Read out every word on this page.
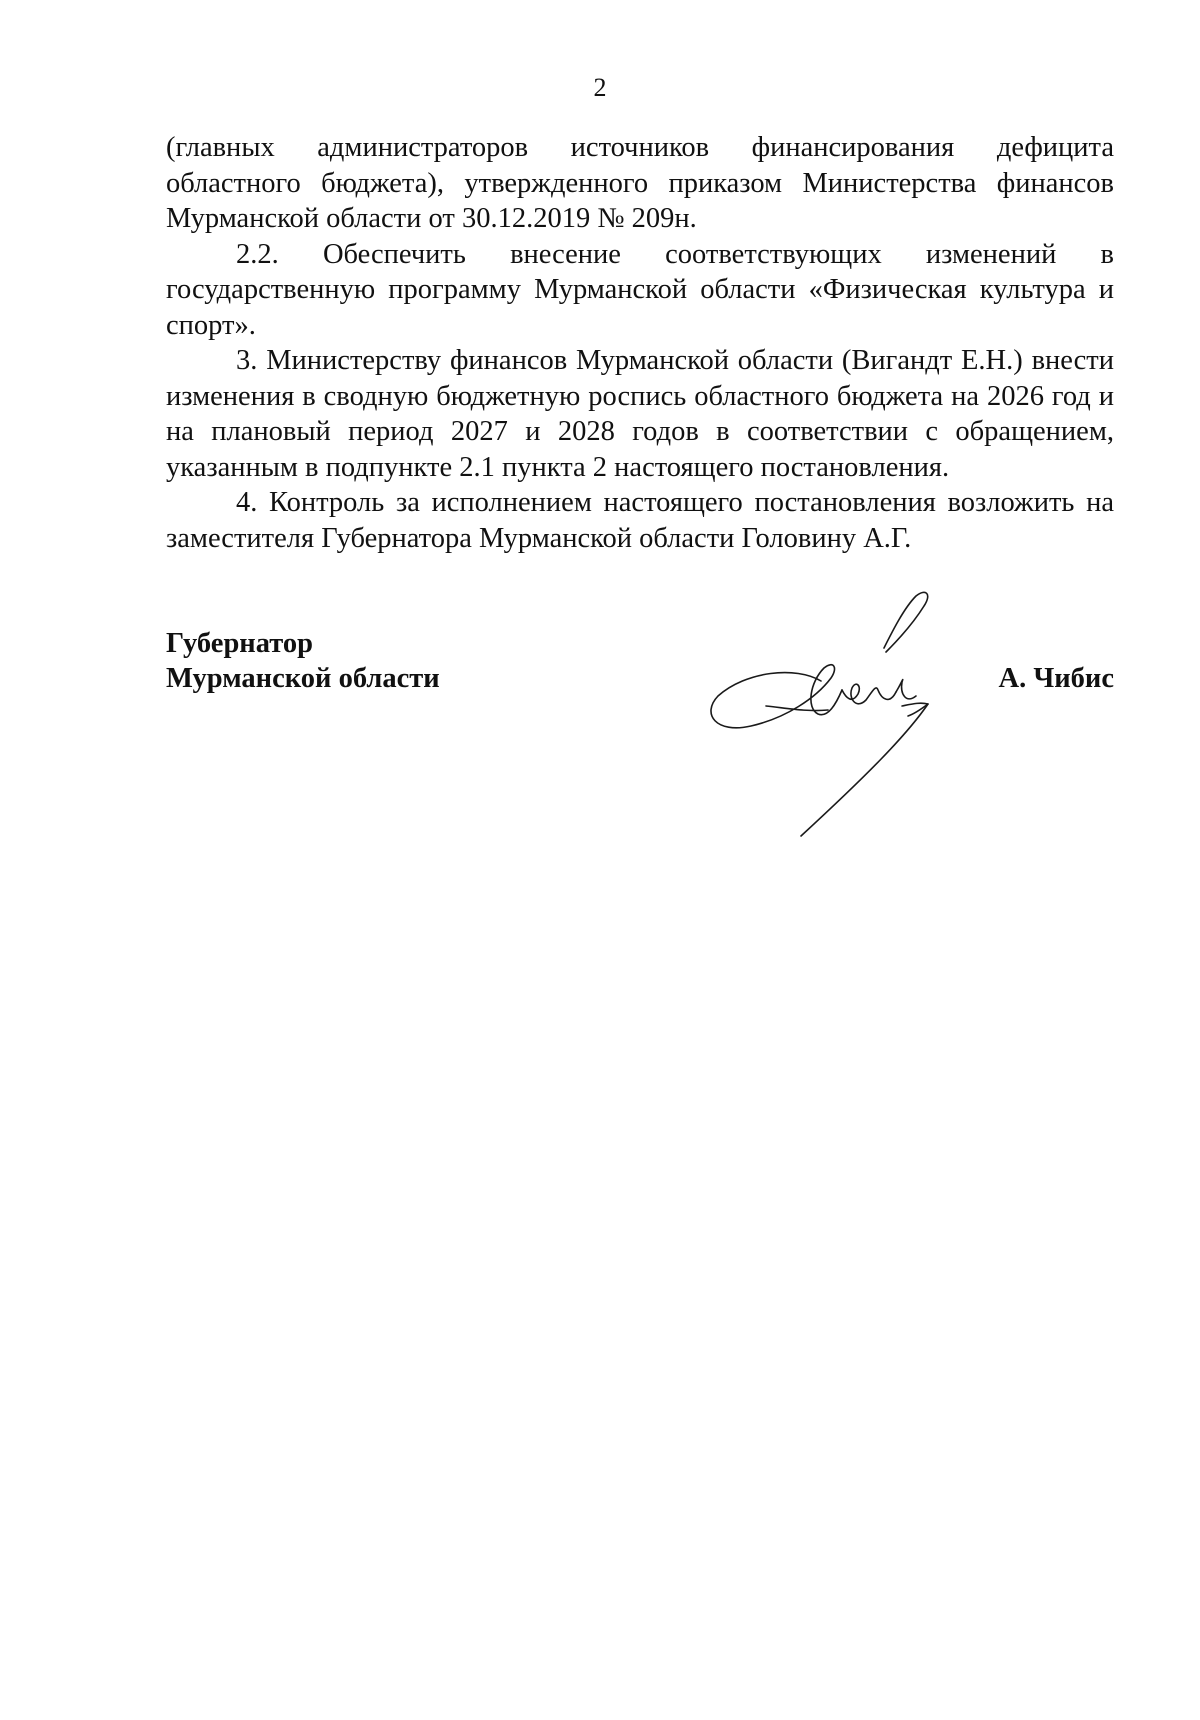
2

(главных администраторов источников финансирования дефицита областного бюджета), утвержденного приказом Министерства финансов Мурманской области от 30.12.2019 № 209н.

2.2. Обеспечить внесение соответствующих изменений в государственную программу Мурманской области «Физическая культура и спорт».

3. Министерству финансов Мурманской области (Вигандт Е.Н.) внести изменения в сводную бюджетную роспись областного бюджета на 2026 год и на плановый период 2027 и 2028 годов в соответствии с обращением, указанным в подпункте 2.1 пункта 2 настоящего постановления.

4. Контроль за исполнением настоящего постановления возложить на заместителя Губернатора Мурманской области Головину А.Г.

Губернатор
Мурманской области	А. Чибис
